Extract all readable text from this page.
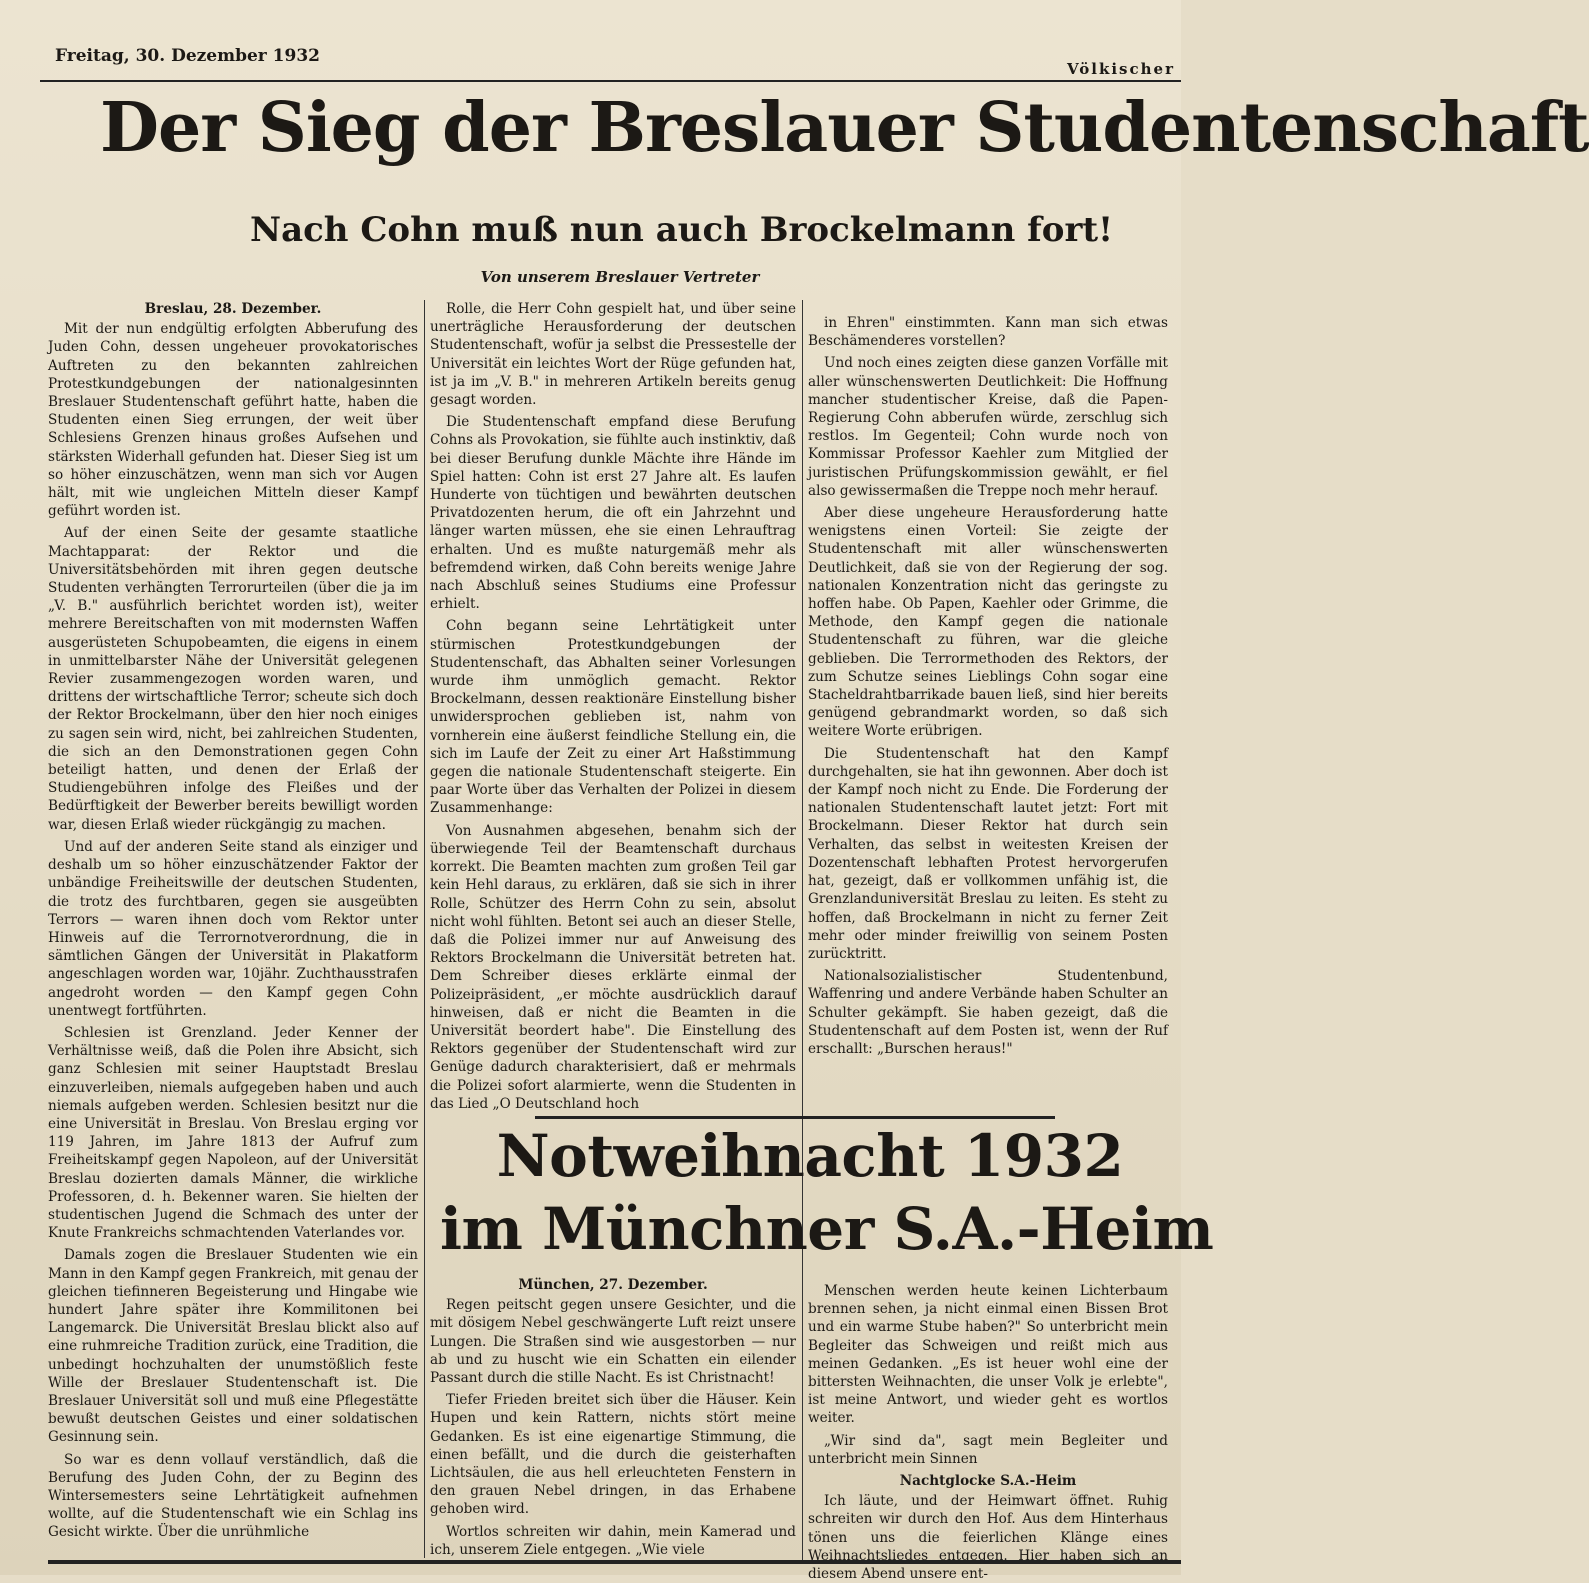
Freitag, 30. Dezember 1932
Völkischer
Der Sieg der Breslauer Studentenschaft
Nach Cohn muß nun auch Brockelmann fort!
Von unserem Breslauer Vertreter

Breslau, 28. Dezember.

Mit der nun endgültig erfolgten Abberufung des Juden Cohn, dessen ungeheuer provokatorisches Auftreten zu den bekannten zahlreichen Protestkundgebungen der nationalgesinnten Breslauer Studentenschaft geführt hatte, haben die Studenten einen Sieg errungen, der weit über Schlesiens Grenzen hinaus großes Aufsehen und stärksten Widerhall gefunden hat. Dieser Sieg ist um so höher einzuschätzen, wenn man sich vor Augen hält, mit wie ungleichen Mitteln dieser Kampf geführt worden ist.

Auf der einen Seite der gesamte staatliche Machtapparat: der Rektor und die Universitätsbehörden mit ihren gegen deutsche Studenten verhängten Terrorurteilen (über die ja im „V. B." ausführlich berichtet worden ist), weiter mehrere Bereitschaften von mit modernsten Waffen ausgerüsteten Schupobeamten, die eigens in einem in unmittelbarster Nähe der Universität gelegenen Revier zusammengezogen worden waren, und drittens der wirtschaftliche Terror; scheute sich doch der Rektor Brockelmann, über den hier noch einiges zu sagen sein wird, nicht, bei zahlreichen Studenten, die sich an den Demonstrationen gegen Cohn beteiligt hatten, und denen der Erlaß der Studiengebühren infolge des Fleißes und der Bedürftigkeit der Bewerber bereits bewilligt worden war, diesen Erlaß wieder rückgängig zu machen.

Und auf der anderen Seite stand als einziger und deshalb um so höher einzuschätzender Faktor der unbändige Freiheitswille der deutschen Studenten, die trotz des furchtbaren, gegen sie ausgeübten Terrors — waren ihnen doch vom Rektor unter Hinweis auf die Terrornotverordnung, die in sämtlichen Gängen der Universität in Plakatform angeschlagen worden war, 10jähr. Zuchthausstrafen angedroht worden — den Kampf gegen Cohn unentwegt fortführten.

Schlesien ist Grenzland. Jeder Kenner der Verhältnisse weiß, daß die Polen ihre Absicht, sich ganz Schlesien mit seiner Hauptstadt Breslau einzuverleiben, niemals aufgegeben haben und auch niemals aufgeben werden. Schlesien besitzt nur die eine Universität in Breslau. Von Breslau erging vor 119 Jahren, im Jahre 1813 der Aufruf zum Freiheitskampf gegen Napoleon, auf der Universität Breslau dozierten damals Männer, die wirkliche Professoren, d. h. Bekenner waren. Sie hielten der studentischen Jugend die Schmach des unter der Knute Frankreichs schmachtenden Vaterlandes vor.

Damals zogen die Breslauer Studenten wie ein Mann in den Kampf gegen Frankreich, mit genau der gleichen tiefinneren Begeisterung und Hingabe wie hundert Jahre später ihre Kommilitonen bei Langemarck. Die Universität Breslau blickt also auf eine ruhmreiche Tradition zurück, eine Tradition, die unbedingt hochzuhalten der unumstößlich feste Wille der Breslauer Studentenschaft ist. Die Breslauer Universität soll und muß eine Pflegestätte bewußt deutschen Geistes und einer soldatischen Gesinnung sein.

So war es denn vollauf verständlich, daß die Berufung des Juden Cohn, der zu Beginn des Wintersemesters seine Lehrtätigkeit aufnehmen wollte, auf die Studentenschaft wie ein Schlag ins Gesicht wirkte. Über die unrühmliche

Rolle, die Herr Cohn gespielt hat, und über seine unerträgliche Herausforderung der deutschen Studentenschaft, wofür ja selbst die Pressestelle der Universität ein leichtes Wort der Rüge gefunden hat, ist ja im „V. B." in mehreren Artikeln bereits genug gesagt worden.

Die Studentenschaft empfand diese Berufung Cohns als Provokation, sie fühlte auch instinktiv, daß bei dieser Berufung dunkle Mächte ihre Hände im Spiel hatten: Cohn ist erst 27 Jahre alt. Es laufen Hunderte von tüchtigen und bewährten deutschen Privatdozenten herum, die oft ein Jahrzehnt und länger warten müssen, ehe sie einen Lehrauftrag erhalten. Und es mußte naturgemäß mehr als befremdend wirken, daß Cohn bereits wenige Jahre nach Abschluß seines Studiums eine Professur erhielt.

Cohn begann seine Lehrtätigkeit unter stürmischen Protestkundgebungen der Studentenschaft, das Abhalten seiner Vorlesungen wurde ihm unmöglich gemacht. Rektor Brockelmann, dessen reaktionäre Einstellung bisher unwidersprochen geblieben ist, nahm von vornherein eine äußerst feindliche Stellung ein, die sich im Laufe der Zeit zu einer Art Haßstimmung gegen die nationale Studentenschaft steigerte. Ein paar Worte über das Verhalten der Polizei in diesem Zusammenhange:

Von Ausnahmen abgesehen, benahm sich der überwiegende Teil der Beamtenschaft durchaus korrekt. Die Beamten machten zum großen Teil gar kein Hehl daraus, zu erklären, daß sie sich in ihrer Rolle, Schützer des Herrn Cohn zu sein, absolut nicht wohl fühlten. Betont sei auch an dieser Stelle, daß die Polizei immer nur auf Anweisung des Rektors Brockelmann die Universität betreten hat. Dem Schreiber dieses erklärte einmal der Polizeipräsident, „er möchte ausdrücklich darauf hinweisen, daß er nicht die Beamten in die Universität beordert habe". Die Einstellung des Rektors gegenüber der Studentenschaft wird zur Genüge dadurch charakterisiert, daß er mehrmals die Polizei sofort alarmierte, wenn die Studenten in das Lied „O Deutschland hoch

in Ehren" einstimmten. Kann man sich etwas Beschämenderes vorstellen?

Und noch eines zeigten diese ganzen Vorfälle mit aller wünschenswerten Deutlichkeit: Die Hoffnung mancher studentischer Kreise, daß die Papen-Regierung Cohn abberufen würde, zerschlug sich restlos. Im Gegenteil; Cohn wurde noch von Kommissar Professor Kaehler zum Mitglied der juristischen Prüfungskommission gewählt, er fiel also gewissermaßen die Treppe noch mehr herauf.

Aber diese ungeheure Herausforderung hatte wenigstens einen Vorteil: Sie zeigte der Studentenschaft mit aller wünschenswerten Deutlichkeit, daß sie von der Regierung der sog. nationalen Konzentration nicht das geringste zu hoffen habe. Ob Papen, Kaehler oder Grimme, die Methode, den Kampf gegen die nationale Studentenschaft zu führen, war die gleiche geblieben. Die Terrormethoden des Rektors, der zum Schutze seines Lieblings Cohn sogar eine Stacheldrahtbarrikade bauen ließ, sind hier bereits genügend gebrandmarkt worden, so daß sich weitere Worte erübrigen.

Die Studentenschaft hat den Kampf durchgehalten, sie hat ihn gewonnen. Aber doch ist der Kampf noch nicht zu Ende. Die Forderung der nationalen Studentenschaft lautet jetzt: Fort mit Brockelmann. Dieser Rektor hat durch sein Verhalten, das selbst in weitesten Kreisen der Dozentenschaft lebhaften Protest hervorgerufen hat, gezeigt, daß er vollkommen unfähig ist, die Grenzlanduniversität Breslau zu leiten. Es steht zu hoffen, daß Brockelmann in nicht zu ferner Zeit mehr oder minder freiwillig von seinem Posten zurücktritt.

Nationalsozialistischer Studentenbund, Waffenring und andere Verbände haben Schulter an Schulter gekämpft. Sie haben gezeigt, daß die Studentenschaft auf dem Posten ist, wenn der Ruf erschallt: „Burschen heraus!"

Notweihnacht 1932
im Münchner S.A.-Heim

München, 27. Dezember.

Regen peitscht gegen unsere Gesichter, und die mit dösigem Nebel geschwängerte Luft reizt unsere Lungen. Die Straßen sind wie ausgestorben — nur ab und zu huscht wie ein Schatten ein eilender Passant durch die stille Nacht. Es ist Christnacht!

Tiefer Frieden breitet sich über die Häuser. Kein Hupen und kein Rattern, nichts stört meine Gedanken. Es ist eine eigenartige Stimmung, die einen befällt, und die durch die geisterhaften Lichtsäulen, die aus hell erleuchteten Fenstern in den grauen Nebel dringen, in das Erhabene gehoben wird.

Wortlos schreiten wir dahin, mein Kamerad und ich, unserem Ziele entgegen. „Wie viele

Menschen werden heute keinen Lichterbaum brennen sehen, ja nicht einmal einen Bissen Brot und ein warme Stube haben?" So unterbricht mein Begleiter das Schweigen und reißt mich aus meinen Gedanken. „Es ist heuer wohl eine der bittersten Weihnachten, die unser Volk je erlebte", ist meine Antwort, und wieder geht es wortlos weiter.

„Wir sind da", sagt mein Begleiter und unterbricht mein Sinnen

Nachtglocke S.A.-Heim

Ich läute, und der Heimwart öffnet. Ruhig schreiten wir durch den Hof. Aus dem Hinterhaus tönen uns die feierlichen Klänge eines Weihnachtsliedes entgegen. Hier haben sich an diesem Abend unsere ent-
